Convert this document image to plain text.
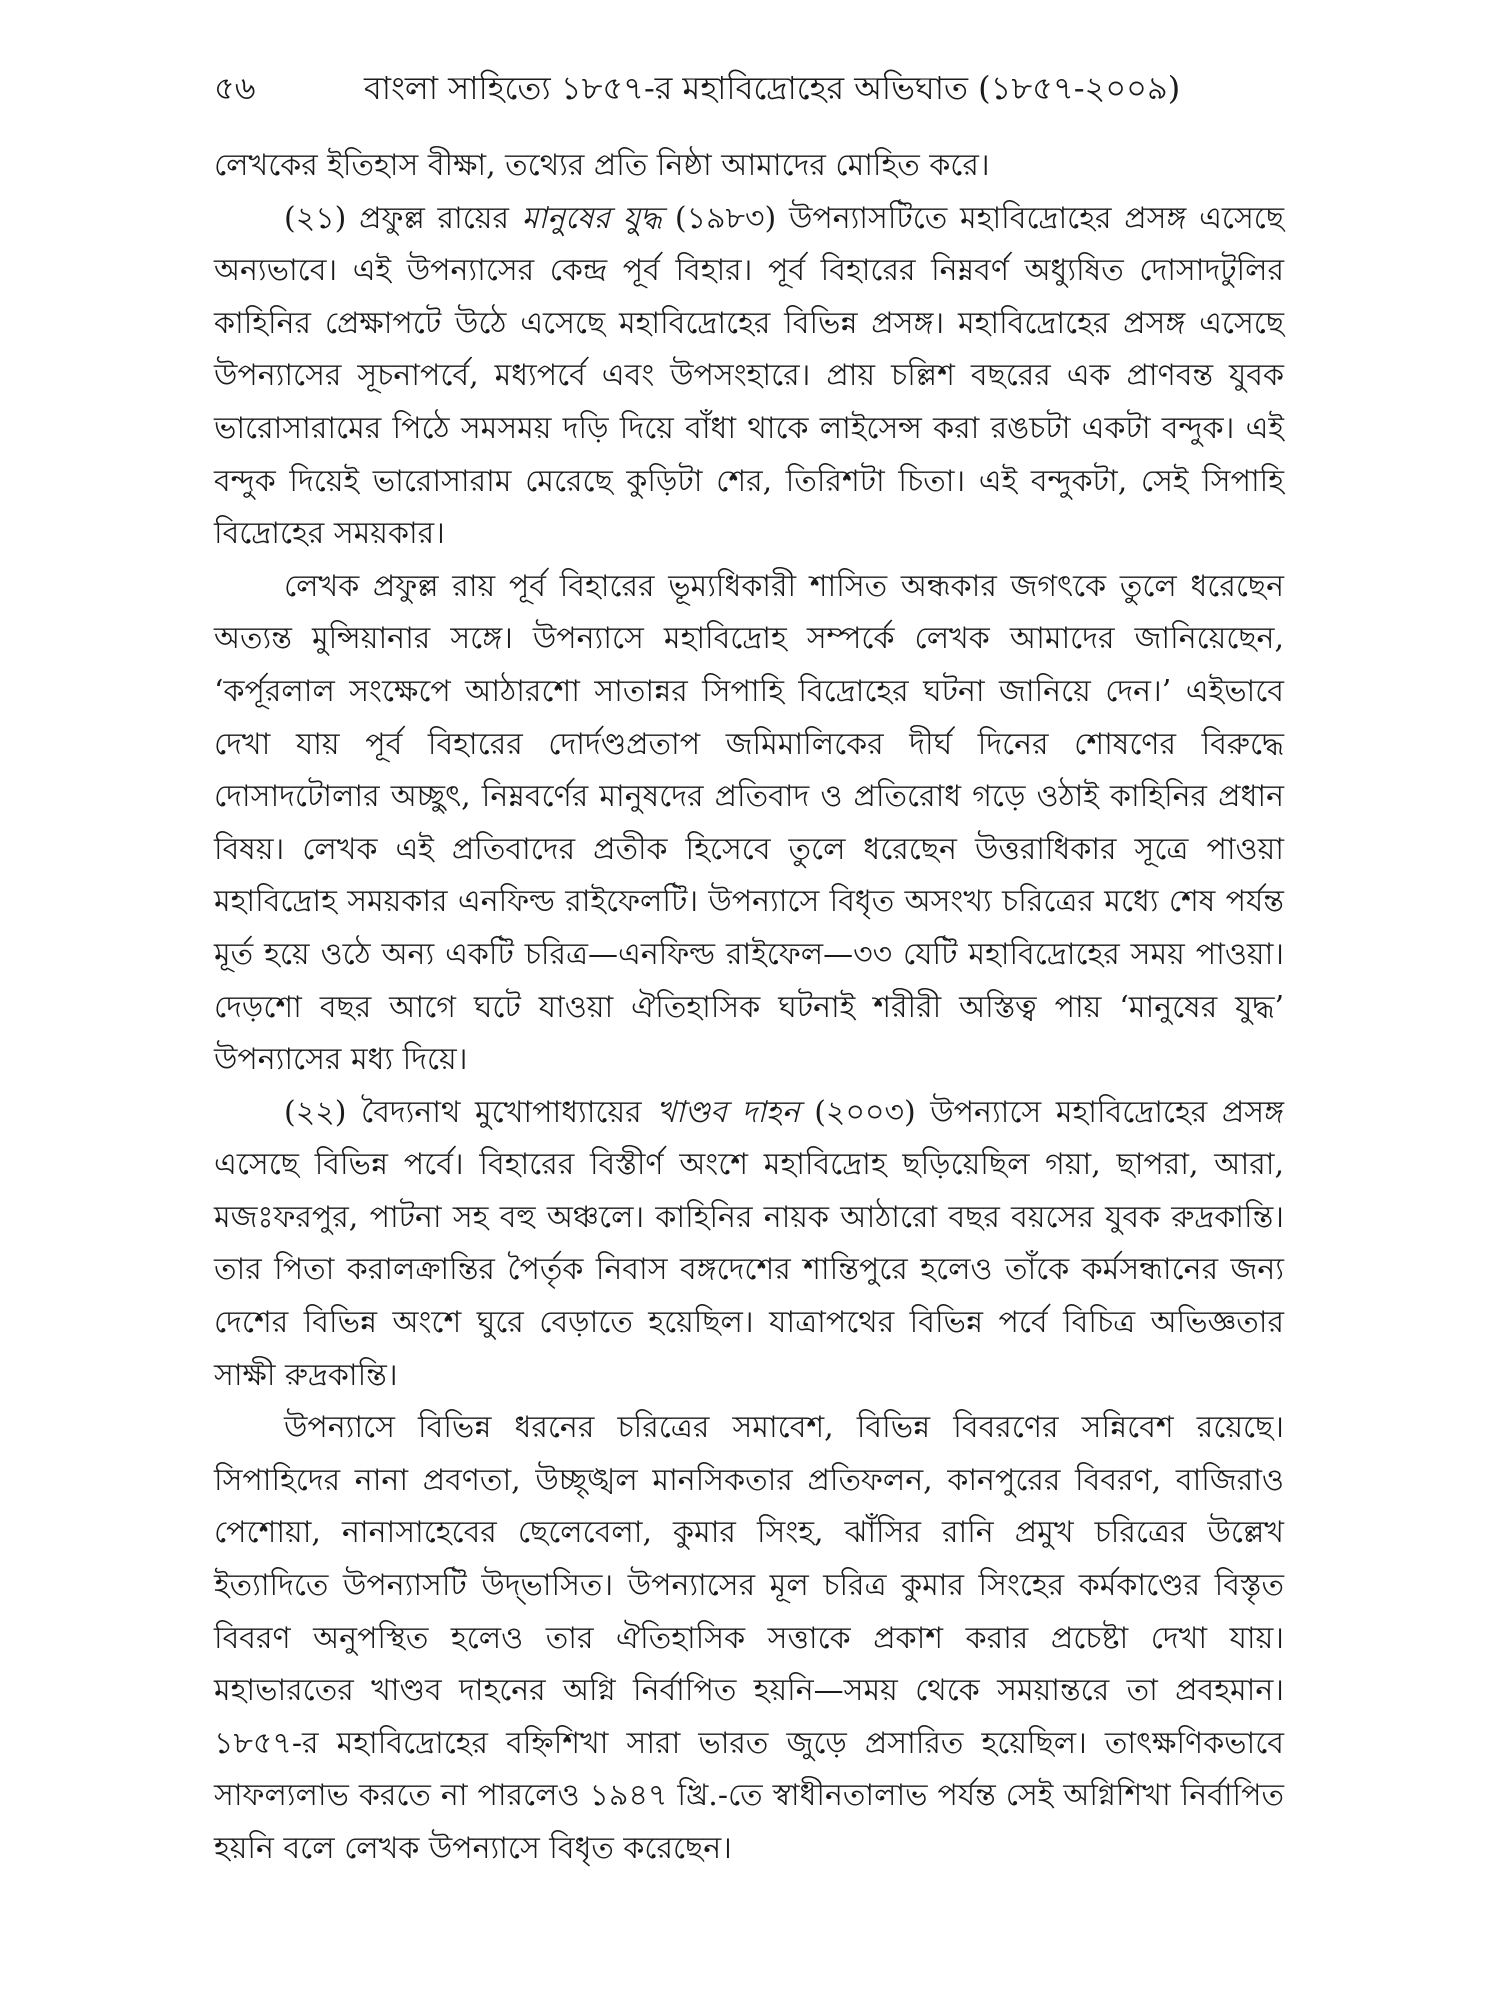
৫৬	বাংলা সাহিত্যে ১৮৫৭-র মহাবিদ্রোহের অভিঘাত (১৮৫৭-২০০৯)

লেখকের ইতিহাস বীক্ষা, তথ্যের প্রতি নিষ্ঠা আমাদের মোহিত করে।

(২১) প্রফুল্ল রায়ের মানুষের যুদ্ধ (১৯৮৩) উপন্যাসটিতে মহাবিদ্রোহের প্রসঙ্গ এসেছে অন্যভাবে। এই উপন্যাসের কেন্দ্র পূর্ব বিহার। পূর্ব বিহারের নিম্নবর্ণ অধ্যুষিত দোসাদটুলির কাহিনির প্রেক্ষাপটে উঠে এসেছে মহাবিদ্রোহের বিভিন্ন প্রসঙ্গ। মহাবিদ্রোহের প্রসঙ্গ এসেছে উপন্যাসের সূচনাপর্বে, মধ্যপর্বে এবং উপসংহারে। প্রায় চল্লিশ বছরের এক প্রাণবন্ত যুবক ভারোসারামের পিঠে সমসময় দড়ি দিয়ে বাঁধা থাকে লাইসেন্স করা রঙচটা একটা বন্দুক। এই বন্দুক দিয়েই ভারোসারাম মেরেছে কুড়িটা শের, তিরিশটা চিতা। এই বন্দুকটা, সেই সিপাহি বিদ্রোহের সময়কার।

লেখক প্রফুল্ল রায় পূর্ব বিহারের ভূম্যধিকারী শাসিত অন্ধকার জগৎকে তুলে ধরেছেন অত্যন্ত মুন্সিয়ানার সঙ্গে। উপন্যাসে মহাবিদ্রোহ সম্পর্কে লেখক আমাদের জানিয়েছেন, ‘কর্পূরলাল সংক্ষেপে আঠারশো সাতান্নর সিপাহি বিদ্রোহের ঘটনা জানিয়ে দেন।’ এইভাবে দেখা যায় পূর্ব বিহারের দোর্দণ্ডপ্রতাপ জমিমালিকের দীর্ঘ দিনের শোষণের বিরুদ্ধে দোসাদটোলার অচ্ছুৎ, নিম্নবর্ণের মানুষদের প্রতিবাদ ও প্রতিরোধ গড়ে ওঠাই কাহিনির প্রধান বিষয়। লেখক এই প্রতিবাদের প্রতীক হিসেবে তুলে ধরেছেন উত্তরাধিকার সূত্রে পাওয়া মহাবিদ্রোহ সময়কার এনফিল্ড রাইফেলটি। উপন্যাসে বিধৃত অসংখ্য চরিত্রের মধ্যে শেষ পর্যন্ত মূর্ত হয়ে ওঠে অন্য একটি চরিত্র—এনফিল্ড রাইফেল—৩৩ যেটি মহাবিদ্রোহের সময় পাওয়া। দেড়শো বছর আগে ঘটে যাওয়া ঐতিহাসিক ঘটনাই শরীরী অস্তিত্ব পায় ‘মানুষের যুদ্ধ’ উপন্যাসের মধ্য দিয়ে।

(২২) বৈদ্যনাথ মুখোপাধ্যায়ের খাণ্ডব দাহন (২০০৩) উপন্যাসে মহাবিদ্রোহের প্রসঙ্গ এসেছে বিভিন্ন পর্বে। বিহারের বিস্তীর্ণ অংশে মহাবিদ্রোহ ছড়িয়েছিল গয়া, ছাপরা, আরা, মজঃফরপুর, পাটনা সহ বহু অঞ্চলে। কাহিনির নায়ক আঠারো বছর বয়সের যুবক রুদ্রকান্তি। তার পিতা করালক্রান্তির পৈর্তৃক নিবাস বঙ্গদেশের শান্তিপুরে হলেও তাঁকে কর্মসন্ধানের জন্য দেশের বিভিন্ন অংশে ঘুরে বেড়াতে হয়েছিল। যাত্রাপথের বিভিন্ন পর্বে বিচিত্র অভিজ্ঞতার সাক্ষী রুদ্রকান্তি।

উপন্যাসে বিভিন্ন ধরনের চরিত্রের সমাবেশ, বিভিন্ন বিবরণের সন্নিবেশ রয়েছে। সিপাহিদের নানা প্রবণতা, উচ্ছৃঙ্খল মানসিকতার প্রতিফলন, কানপুরের বিবরণ, বাজিরাও পেশোয়া, নানাসাহেবের ছেলেবেলা, কুমার সিংহ, ঝাঁসির রানি প্রমুখ চরিত্রের উল্লেখ ইত্যাদিতে উপন্যাসটি উদ্‌ভাসিত। উপন্যাসের মূল চরিত্র কুমার সিংহের কর্মকাণ্ডের বিস্তৃত বিবরণ অনুপস্থিত হলেও তার ঐতিহাসিক সত্তাকে প্রকাশ করার প্রচেষ্টা দেখা যায়। মহাভারতের খাণ্ডব দাহনের অগ্নি নির্বাপিত হয়নি—সময় থেকে সময়ান্তরে তা প্রবহমান। ১৮৫৭-র মহাবিদ্রোহের বহ্নিশিখা সারা ভারত জুড়ে প্রসারিত হয়েছিল। তাৎক্ষণিকভাবে সাফল্যলাভ করতে না পারলেও ১৯৪৭ খ্রি.-তে স্বাধীনতালাভ পর্যন্ত সেই অগ্নিশিখা নির্বাপিত হয়নি বলে লেখক উপন্যাসে বিধৃত করেছেন।
